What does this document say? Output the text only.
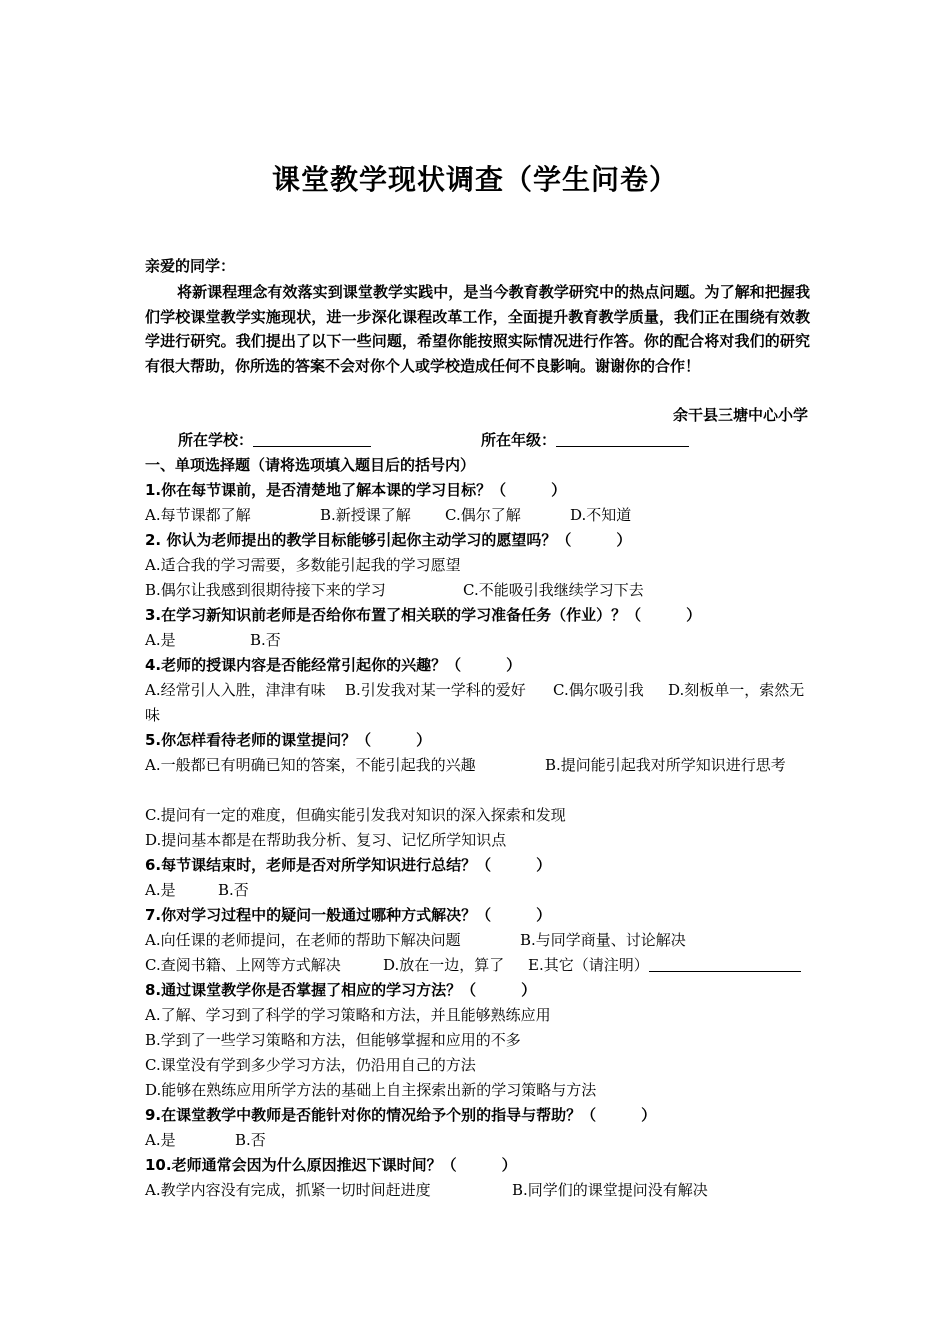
课堂教学现状调查（学生问卷）
亲爱的同学：
将新课程理念有效落实到课堂教学实践中，是当今教育教学研究中的热点问题。为了解和把握我们学校课堂教学实施现状，进一步深化课程改革工作，全面提升教育教学质量，我们正在围绕有效教学进行研究。我们提出了以下一些问题，希望你能按照实际情况进行作答。你的配合将对我们的研究有很大帮助，你所选的答案不会对你个人或学校造成任何不良影响。谢谢你的合作！
余干县三塘中心小学
所在学校：	所在年级：
一、单项选择题（请将选项填入题目后的括号内）
1.你在每节课前，是否清楚地了解本课的学习目标？（　　　）
A.每节课都了解	B.新授课了解 C.偶尔了解	D.不知道
2. 你认为老师提出的教学目标能够引起你主动学习的愿望吗？（　　　）
A.适合我的学习需要，多数能引起我的学习愿望
B.偶尔让我感到很期待接下来的学习	C.不能吸引我继续学习下去
3.在学习新知识前老师是否给你布置了相关联的学习准备任务（作业）？（　　　）
A.是	B.否
4.老师的授课内容是否能经常引起你的兴趣？（　　　）
A.经常引人入胜，津津有味 B.引发我对某一学科的爱好 C.偶尔吸引我	D.刻板单一，索然无味
5.你怎样看待老师的课堂提问？（　　　）
A.一般都已有明确已知的答案，不能引起我的兴趣	B.提问能引起我对所学知识进行思考
C.提问有一定的难度，但确实能引发我对知识的深入探索和发现
D.提问基本都是在帮助我分析、复习、记忆所学知识点
6.每节课结束时，老师是否对所学知识进行总结？（　　　）
A.是	B.否
7.你对学习过程中的疑问一般通过哪种方式解决？（　　　）
A.向任课的老师提问，在老师的帮助下解决问题	B.与同学商量、讨论解决
C.查阅书籍、上网等方式解决	D.放在一边，算了 E.其它（请注明）
8.通过课堂教学你是否掌握了相应的学习方法？（　　　）
A.了解、学习到了科学的学习策略和方法，并且能够熟练应用
B.学到了一些学习策略和方法，但能够掌握和应用的不多
C.课堂没有学到多少学习方法，仍沿用自己的方法
D.能够在熟练应用所学方法的基础上自主探索出新的学习策略与方法
9.在课堂教学中教师是否能针对你的情况给予个别的指导与帮助？（　　　）
A.是	B.否
10.老师通常会因为什么原因推迟下课时间？（　　　）
A.教学内容没有完成，抓紧一切时间赶进度	B.同学们的课堂提问没有解决
